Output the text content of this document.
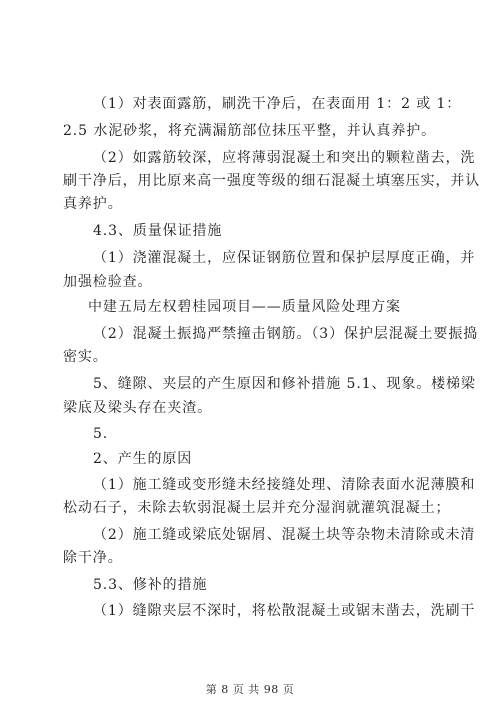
（1）对表面露筋，刷洗干净后，在表面用 1：2 或 1：
2.5 水泥砂浆，将充满漏筋部位抹压平整，并认真养护。
（2）如露筋较深，应将薄弱混凝土和突出的颗粒凿去，洗
刷干净后，用比原来高一强度等级的细石混凝土填塞压实，并认
真养护。
4.3、质量保证措施
（1）浇灌混凝土，应保证钢筋位置和保护层厚度正确，并
加强检验查。
中建五局左权碧桂园项目——质量风险处理方案
（2）混凝土振捣严禁撞击钢筋。（3）保护层混凝土要振捣
密实。
5、缝隙、夹层的产生原因和修补措施 5.1、现象。楼梯梁
梁底及梁头存在夹渣。
5.
2、产生的原因
（1）施工缝或变形缝未经接缝处理、清除表面水泥薄膜和
松动石子，未除去软弱混凝土层并充分湿润就灌筑混凝土；
（2）施工缝或梁底处锯屑、混凝土块等杂物未清除或未清
除干净。
5.3、修补的措施
（1）缝隙夹层不深时，将松散混凝土或锯末凿去，洗刷干
第 8 页 共 98 页
